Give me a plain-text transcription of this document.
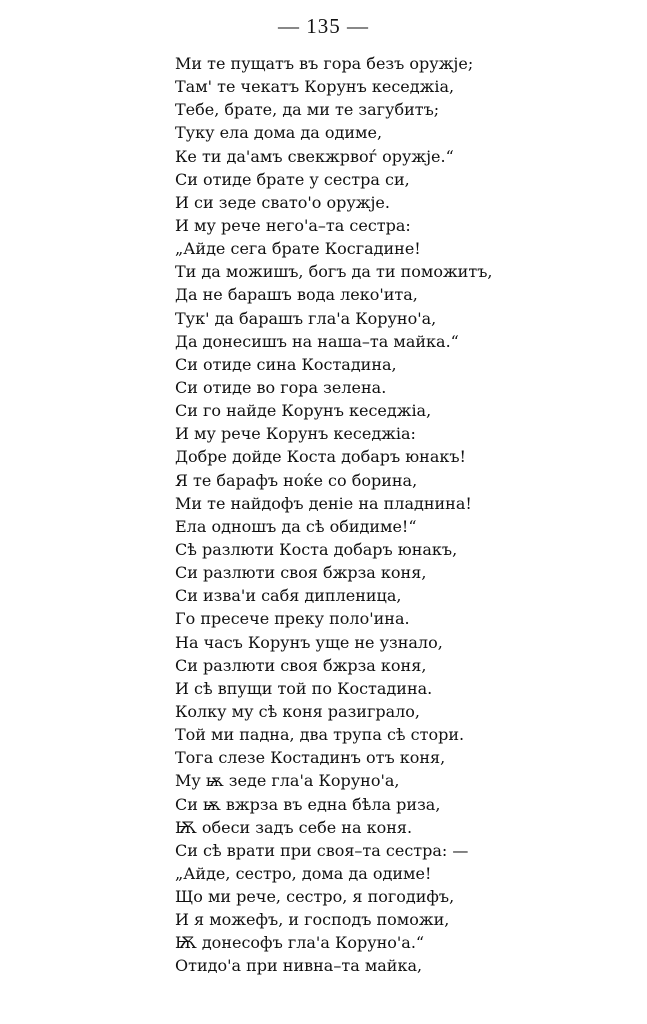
— 135 —
Ми те пущатъ въ гора безъ оружје;
Там' те чекатъ Корунъ кеседжіа,
Тебе, брате, да ми те загубитъ;
Туку ела дома да одиме,
Ке ти да'амъ свекжрвоѓ оружје.“
Си отиде брате у сестра си,
И си зеде свато'о оружје.
И му рече него'а–та сестра:
„Айде сега брате Косгадине!
Ти да можишъ, богъ да ти поможитъ,
Да не барашъ вода леко'ита,
Тук' да барашъ гла'а Коруно'а,
Да донесишъ на наша–та майка.“
Си отиде сина Костадина,
Си отиде во гора зелена.
Си го найде Корунъ кеседжіа,
И му рече Корунъ кеседжіа:
Добре дойде Коста добаръ юнакъ!
Я те барафъ ноќе со борина,
Ми те найдофъ деніе на пладнина!
Ела одношъ да сѣ обидиме!“
Сѣ разлюти Коста добаръ юнакъ,
Си разлюти своя бжрза коня,
Си изва'и сабя дипленица,
Го пресече преку поло'ина.
На часъ Корунъ уще не узнало,
Си разлюти своя бжрза коня,
И сѣ впущи той по Костадина.
Колку му сѣ коня разиграло,
Той ми падна, два трупа сѣ стори.
Тога слезе Костадинъ отъ коня,
Му ѭ зеде гла'а Коруно'а,
Си ѭ вжрза въ една бѣла риза,
Ѭ обеси задъ себе на коня.
Си сѣ врати при своя–та сестра: —
„Айде, сестро, дома да одиме!
Що ми рече, сестро, я погодифъ,
И я можефъ, и господъ поможи,
Ѭ донесофъ гла'а Коруно'а.“
Отидо'а при нивна–та майка,
